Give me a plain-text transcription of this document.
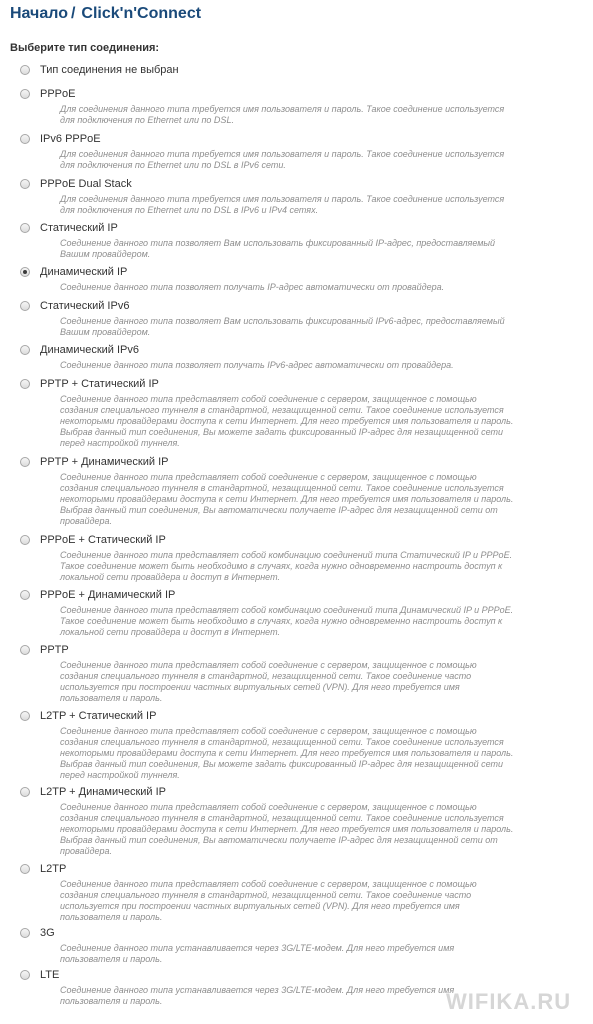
Начало / Click'n'Connect
Выберите тип соединения:
Тип соединения не выбран
PPPoE
Для соединения данного типа требуется имя пользователя и пароль. Такое соединение используется для подключения по Ethernet или по DSL.
IPv6 PPPoE
Для соединения данного типа требуется имя пользователя и пароль. Такое соединение используется для подключения по Ethernet или по DSL в IPv6 сети.
PPPoE Dual Stack
Для соединения данного типа требуется имя пользователя и пароль. Такое соединение используется для подключения по Ethernet или по DSL в IPv6 и IPv4 сетях.
Статический IP
Соединение данного типа позволяет Вам использовать фиксированный IP-адрес, предоставляемый Вашим провайдером.
Динамический IP
Соединение данного типа позволяет получать IP-адрес автоматически от провайдера.
Статический IPv6
Соединение данного типа позволяет Вам использовать фиксированный IPv6-адрес, предоставляемый Вашим провайдером.
Динамический IPv6
Соединение данного типа позволяет получать IPv6-адрес автоматически от провайдера.
PPTP + Статический IP
Соединение данного типа представляет собой соединение с сервером, защищенное с помощью создания специального туннеля в стандартной, незащищенной сети. Такое соединение используется некоторыми провайдерами доступа к сети Интернет. Для него требуется имя пользователя и пароль. Выбрав данный тип соединения, Вы можете задать фиксированный IP-адрес для незащищенной сети перед настройкой туннеля.
PPTP + Динамический IP
Соединение данного типа представляет собой соединение с сервером, защищенное с помощью создания специального туннеля в стандартной, незащищенной сети. Такое соединение используется некоторыми провайдерами доступа к сети Интернет. Для него требуется имя пользователя и пароль. Выбрав данный тип соединения, Вы автоматически получаете IP-адрес для незащищенной сети от провайдера.
PPPoE + Статический IP
Соединение данного типа представляет собой комбинацию соединений типа Статический IP и PPPoE. Такое соединение может быть необходимо в случаях, когда нужно одновременно настроить доступ к локальной сети провайдера и доступ в Интернет.
PPPoE + Динамический IP
Соединение данного типа представляет собой комбинацию соединений типа Динамический IP и PPPoE. Такое соединение может быть необходимо в случаях, когда нужно одновременно настроить доступ к локальной сети провайдера и доступ в Интернет.
PPTP
Соединение данного типа представляет собой соединение с сервером, защищенное с помощью создания специального туннеля в стандартной, незащищенной сети. Такое соединение часто используется при построении частных виртуальных сетей (VPN). Для него требуется имя пользователя и пароль.
L2TP + Статический IP
Соединение данного типа представляет собой соединение с сервером, защищенное с помощью создания специального туннеля в стандартной, незащищенной сети. Такое соединение используется некоторыми провайдерами доступа к сети Интернет. Для него требуется имя пользователя и пароль. Выбрав данный тип соединения, Вы можете задать фиксированный IP-адрес для незащищенной сети перед настройкой туннеля.
L2TP + Динамический IP
Соединение данного типа представляет собой соединение с сервером, защищенное с помощью создания специального туннеля в стандартной, незащищенной сети. Такое соединение используется некоторыми провайдерами доступа к сети Интернет. Для него требуется имя пользователя и пароль. Выбрав данный тип соединения, Вы автоматически получаете IP-адрес для незащищенной сети от провайдера.
L2TP
Соединение данного типа представляет собой соединение с сервером, защищенное с помощью создания специального туннеля в стандартной, незащищенной сети. Такое соединение часто используется при построении частных виртуальных сетей (VPN). Для него требуется имя пользователя и пароль.
3G
Соединение данного типа устанавливается через 3G/LTE-модем. Для него требуется имя пользователя и пароль.
LTE
Соединение данного типа устанавливается через 3G/LTE-модем. Для него требуется имя пользователя и пароль.	WIFIKA.RU
